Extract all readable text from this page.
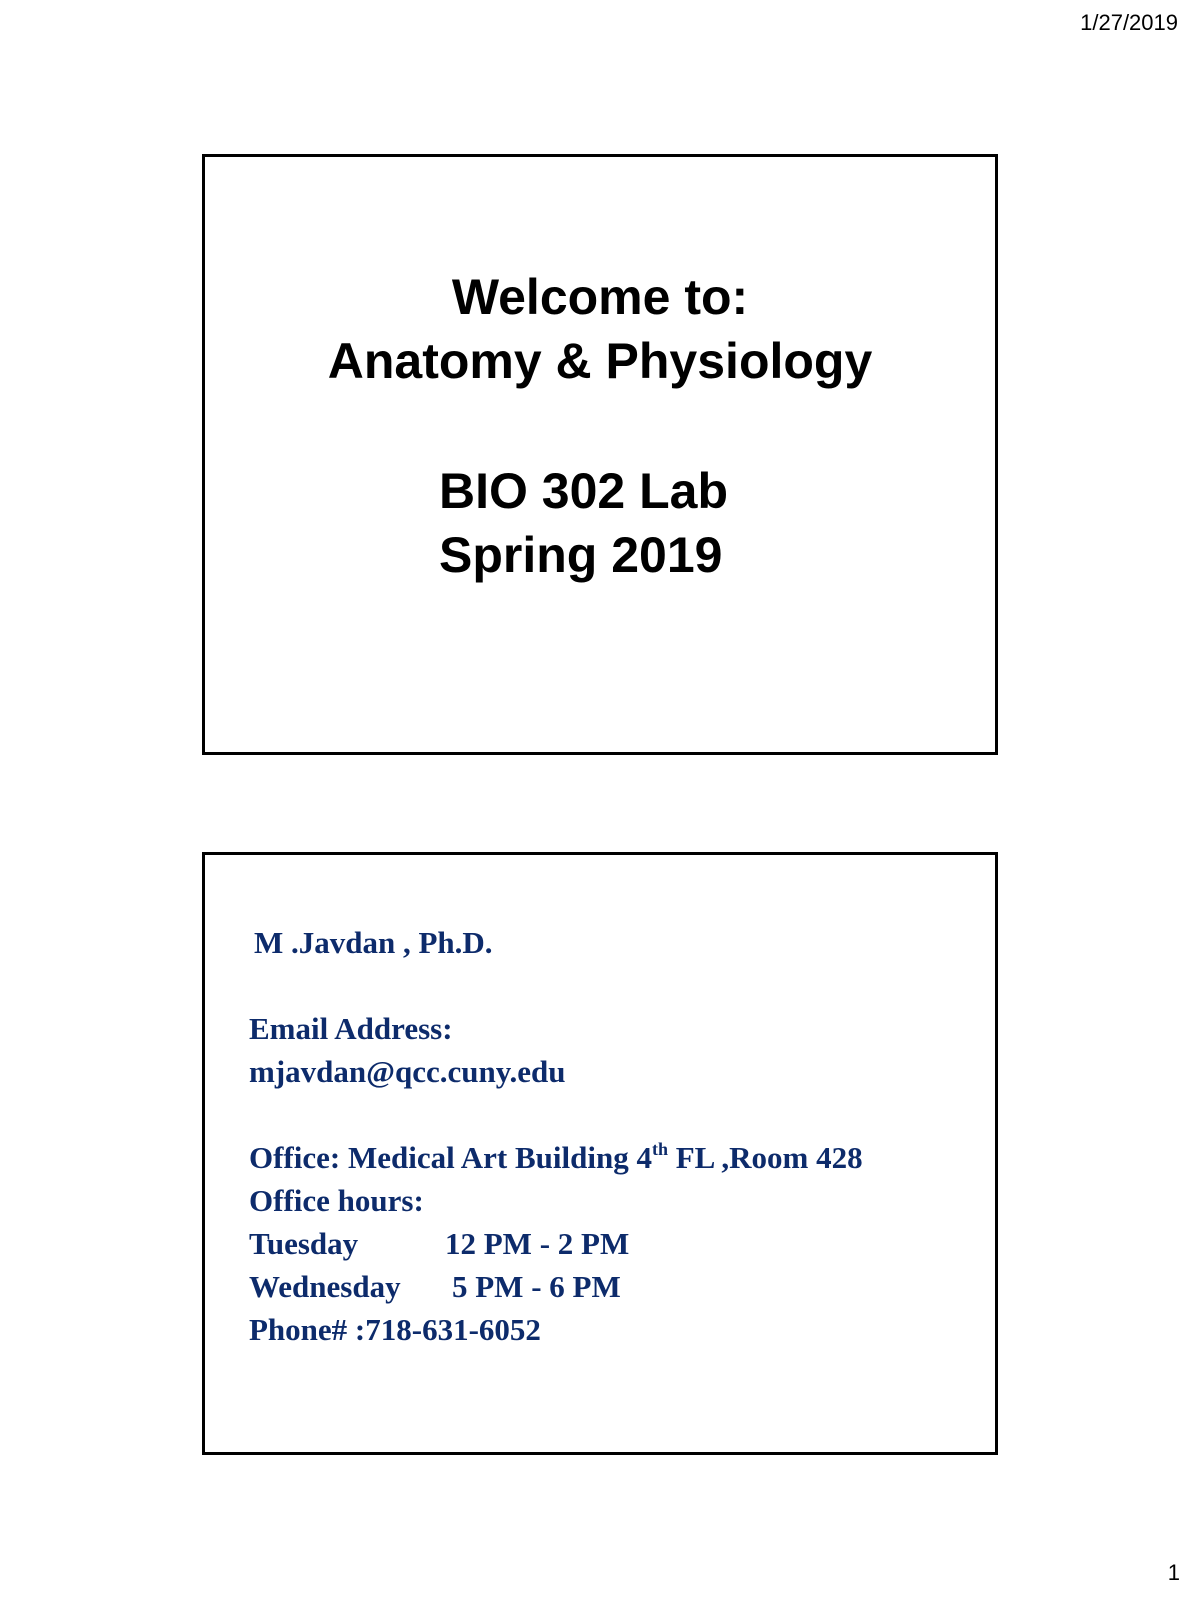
1/27/2019
Welcome to:
Anatomy & Physiology
BIO 302 Lab
Spring 2019
M .Javdan , Ph.D.
Email Address:
mjavdan@qcc.cuny.edu
Office: Medical Art Building 4th FL ,Room 428
Office hours:
Tuesday	12 PM - 2 PM
Wednesday 5 PM - 6 PM
Phone# :718-631-6052
1
